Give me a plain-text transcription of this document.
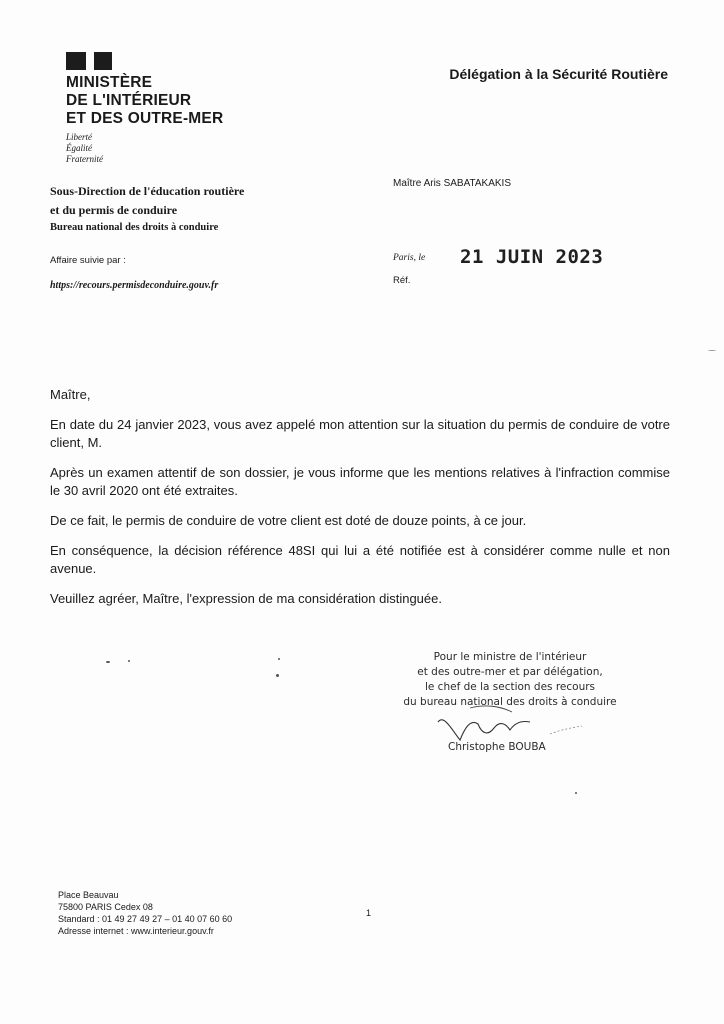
MINISTÈRE
DE L'INTÉRIEUR
ET DES OUTRE-MER
Liberté
Égalité
Fraternité
Délégation à la Sécurité Routière
Sous-Direction de l'éducation routière
et du permis de conduire
Bureau national des droits à conduire
Maître Aris SABATAKAKIS
Affaire suivie par :
https://recours.permisdeconduire.gouv.fr
Paris, le 21 JUIN 2023
Réf.

Maître,

En date du 24 janvier 2023, vous avez appelé mon attention sur la situation du permis de conduire de votre client, M.

Après un examen attentif de son dossier, je vous informe que les mentions relatives à l'infraction commise le 30 avril 2020 ont été extraites.

De ce fait, le permis de conduire de votre client est doté de douze points, à ce jour.

En conséquence, la décision référence 48SI qui lui a été notifiée est à considérer comme nulle et non avenue.

Veuillez agréer, Maître, l'expression de ma considération distinguée.

Pour le ministre de l'intérieur
et des outre-mer et par délégation,
le chef de la section des recours
du bureau national des droits à conduire
Christophe BOUBA
Place Beauvau
75800 PARIS Cedex 08
Standard : 01 49 27 49 27 – 01 40 07 60 60
Adresse internet : www.interieur.gouv.fr
1
